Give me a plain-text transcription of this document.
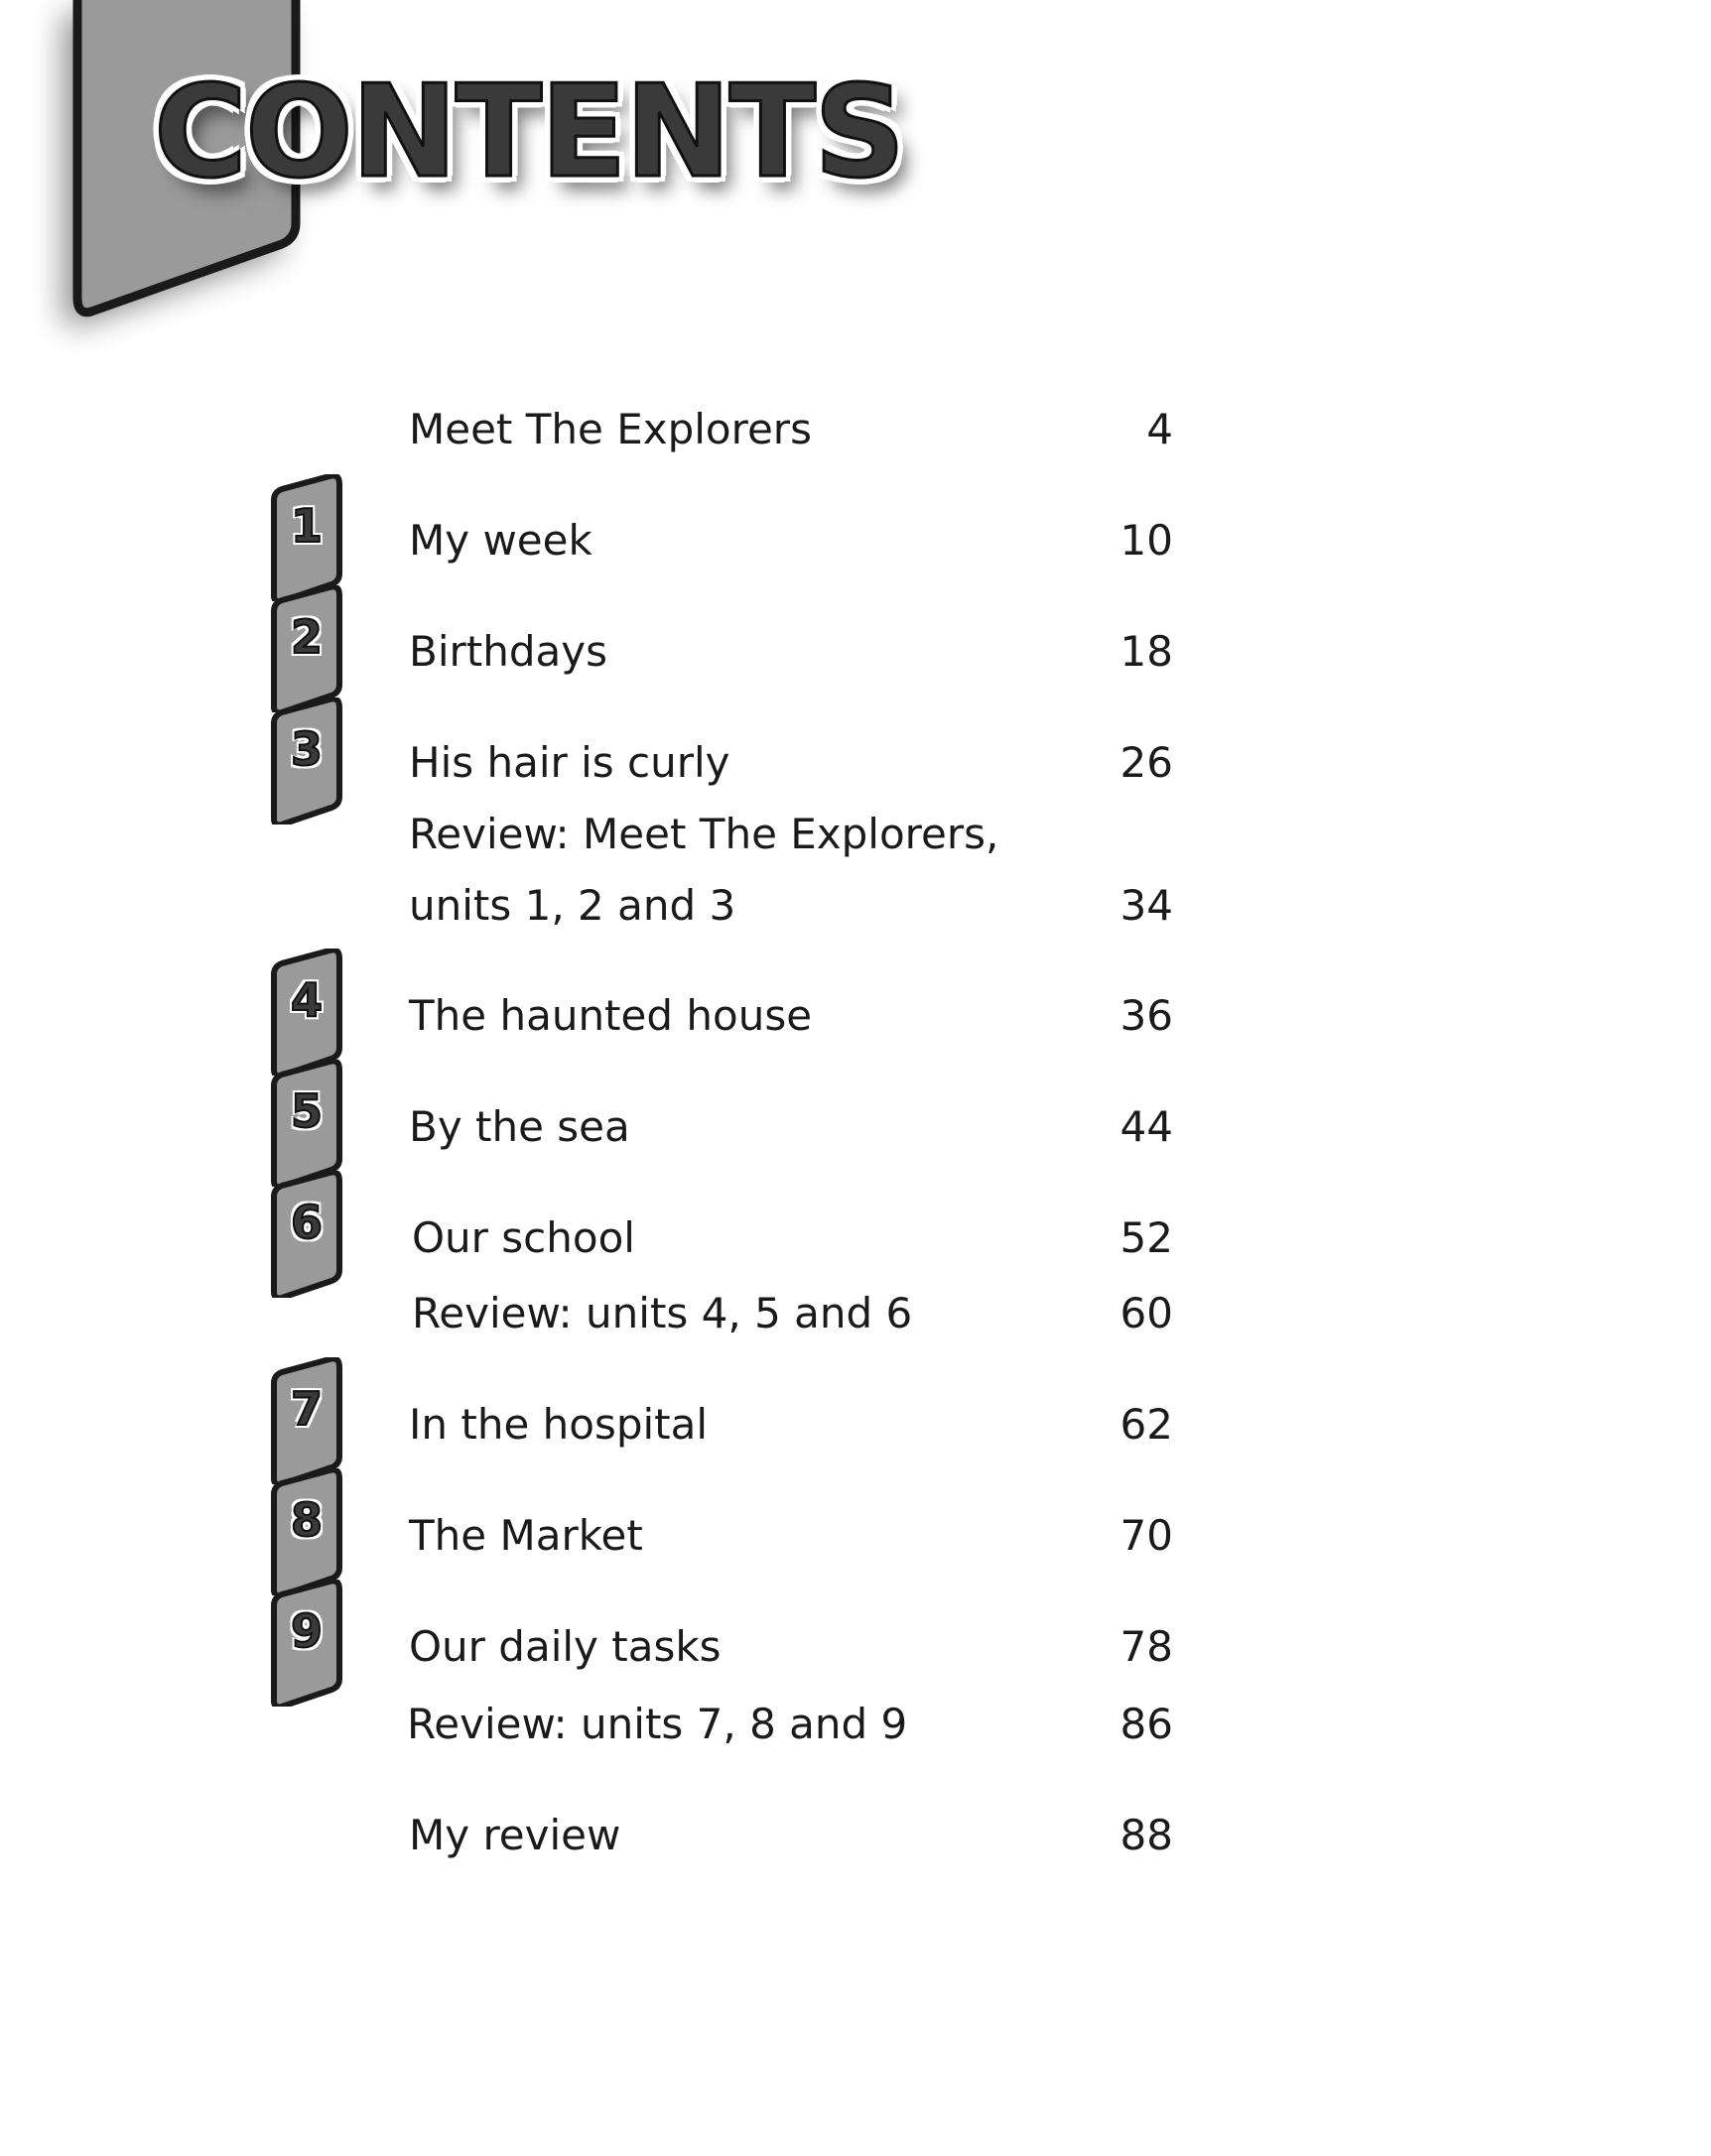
CONTENTS
Meet The Explorers	4
My week	10
Birthdays	18
His hair is curly	26
Review: Meet The Explorers,
units 1, 2 and 3	34
The haunted house	36
By the sea	44
Our school	52
Review: units 4, 5 and 6	60
In the hospital	62
The Market	70
Our daily tasks	78
Review: units 7, 8 and 9	86
My review	88
1
2
3
4
5
6
7
8
9
